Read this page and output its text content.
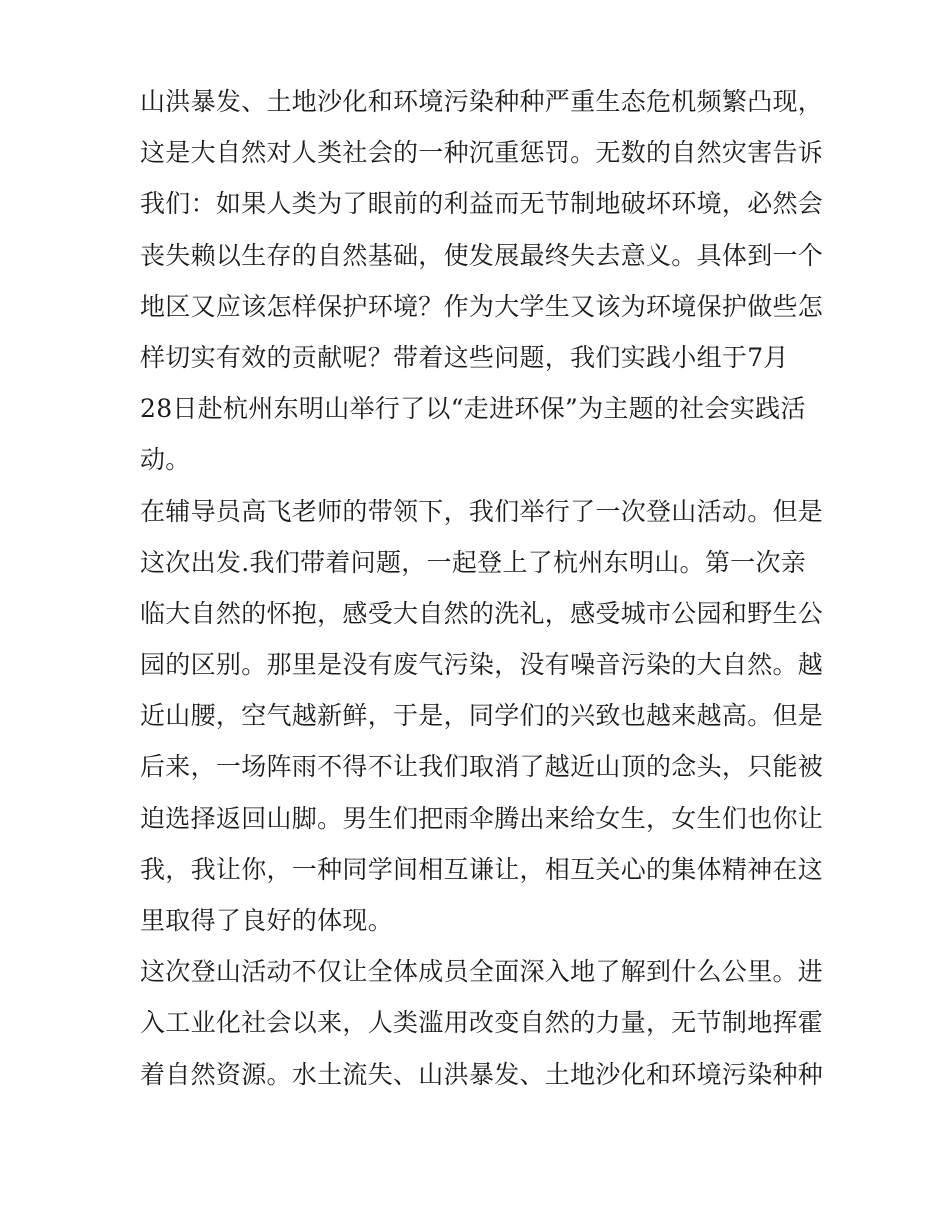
山洪暴发、土地沙化和环境污染种种严重生态危机频繁凸现，
这是大自然对人类社会的一种沉重惩罚。无数的自然灾害告诉
我们：如果人类为了眼前的利益而无节制地破坏环境，必然会
丧失赖以生存的自然基础，使发展最终失去意义。具体到一个
地区又应该怎样保护环境？作为大学生又该为环境保护做些怎
样切实有效的贡献呢？带着这些问题，我们实践小组于7月
28日赴杭州东明山举行了以“走进环保”为主题的社会实践活
动。
在辅导员高飞老师的带领下，我们举行了一次登山活动。但是
这次出发.我们带着问题，一起登上了杭州东明山。第一次亲
临大自然的怀抱，感受大自然的洗礼，感受城市公园和野生公
园的区别。那里是没有废气污染，没有噪音污染的大自然。越
近山腰，空气越新鲜，于是，同学们的兴致也越来越高。但是
后来，一场阵雨不得不让我们取消了越近山顶的念头，只能被
迫选择返回山脚。男生们把雨伞腾出来给女生，女生们也你让
我，我让你，一种同学间相互谦让，相互关心的集体精神在这
里取得了良好的体现。
这次登山活动不仅让全体成员全面深入地了解到什么公里。进
入工业化社会以来，人类滥用改变自然的力量，无节制地挥霍
着自然资源。水土流失、山洪暴发、土地沙化和环境污染种种
